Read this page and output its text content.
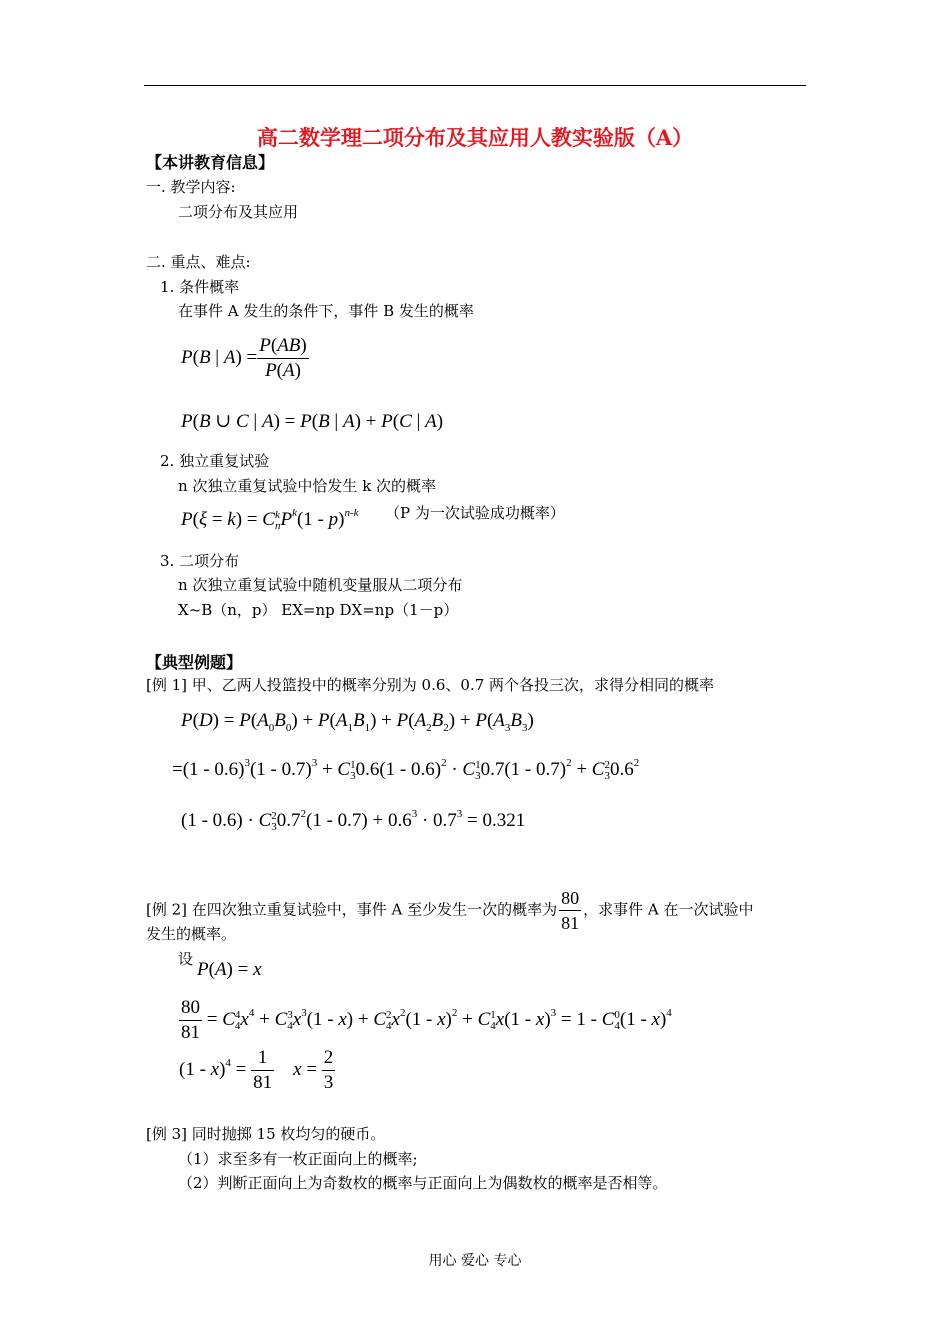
高二数学理二项分布及其应用人教实验版（A）
【本讲教育信息】
一. 教学内容:
二项分布及其应用
二. 重点、难点:
1. 条件概率
在事件 A 发生的条件下，事件 B 发生的概率
P(B | $A) = \frac{P(AB)}{P(A)}$
P(B ∪ C | A) = P(B | A) + P(C | A)
2. 独立重复试验
n 次独立重复试验中恰发生 k 次的概率
P(ξ = k) = C k
n $P^k(1 - p)^{n-k}$ （P 为一次试验成功概率）
3. 二项分布
n 次独立重复试验中随机变量服从二项分布
X~B（n，p） EX=np DX=np（1－p）
【典型例题】
[例 1] 甲、乙两人投篮投中的概率分别为 0.6、0.7 两个各投三次，求得分相同的概率
$P(D) = P(A_0B_0) + P(A_1B_1) + P(A_2B_2) + P(A_3B_3)$
=(1 - 0.6)$^3$(1 - 0.7)$^3$ + C 1
3 0.6(1 - 0.6)$^2$ · C 1
3 0.7(1 - 0.7)$^2$ + C 2
3 $0.6^2$
(1 - 0.6) · C 2
3 $0.7^2(1 - 0.7) + 0.6^3 \cdot 0.7^3 = 0.321$
[例 2] 在四次独立重复试验中，事件 A 至少发生一次的概率为 $\frac{80}{81}$ ，求事件 A 在一次试验中
发生的概率。
设 P(A) = x
$\frac{80}{81} = C$ 4
4 $x^4 + C$ 3
4 $x^3(1 - x) + C$ 2
4 $x^2(1 - x)^2 + C$ 1
4 x(1 - x)$^3$ = 1 - C 0
4 (1 - x)$^4$
$(1 - x)^4 = \frac{1}{81}$ $x = \frac{2}{3}$
[例 3] 同时抛掷 15 枚均匀的硬币。
（1）求至多有一枚正面向上的概率;
（2）判断正面向上为奇数枚的概率与正面向上为偶数枚的概率是否相等。
用心 爱心 专心
